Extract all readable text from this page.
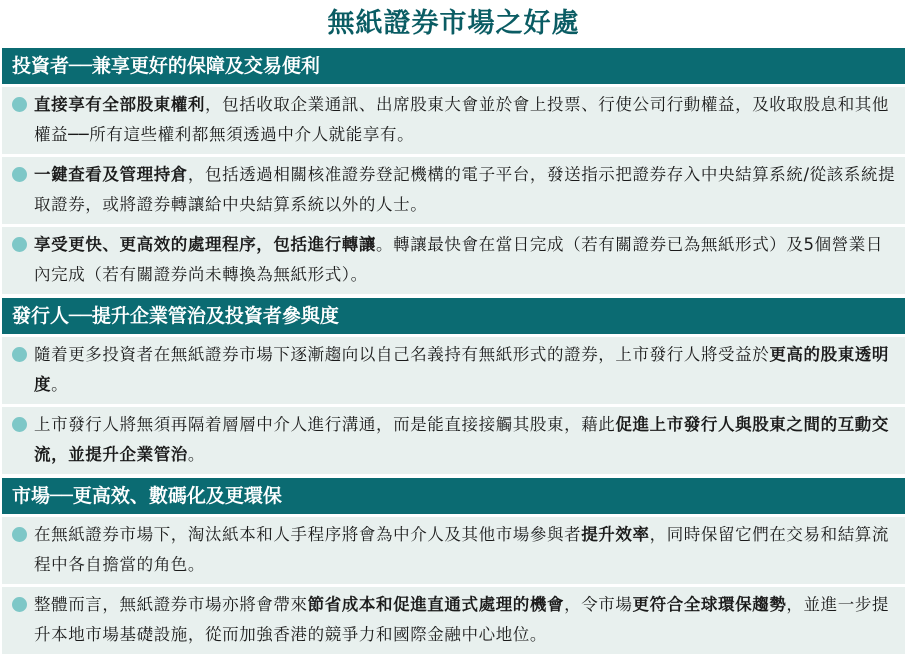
無紙證券市場之好處
投資者──兼享更好的保障及交易便利
直接享有全部股東權利，包括收取企業通訊、出席股東大會並於會上投票、行使公司行動權益，及收取股息和其他權益──所有這些權利都無須透過中介人就能享有。
一鍵查看及管理持倉，包括透過相關核准證券登記機構的電子平台，發送指示把證券存入中央結算系統/從該系統提取證券，或將證券轉讓給中央結算系統以外的人士。
享受更快、更高效的處理程序，包括進行轉讓。轉讓最快會在當日完成（若有關證券已為無紙形式）及5個營業日內完成（若有關證券尚未轉換為無紙形式）。
發行人──提升企業管治及投資者參與度
隨着更多投資者在無紙證券市場下逐漸趨向以自己名義持有無紙形式的證券，上市發行人將受益於更高的股東透明度。
上市發行人將無須再隔着層層中介人進行溝通，而是能直接接觸其股東，藉此促進上市發行人與股東之間的互動交流，並提升企業管治。
市場──更高效、數碼化及更環保
在無紙證券市場下，淘汰紙本和人手程序將會為中介人及其他市場參與者提升效率，同時保留它們在交易和結算流程中各自擔當的角色。
整體而言，無紙證券市場亦將會帶來節省成本和促進直通式處理的機會，令市場更符合全球環保趨勢，並進一步提升本地市場基礎設施，從而加強香港的競爭力和國際金融中心地位。
